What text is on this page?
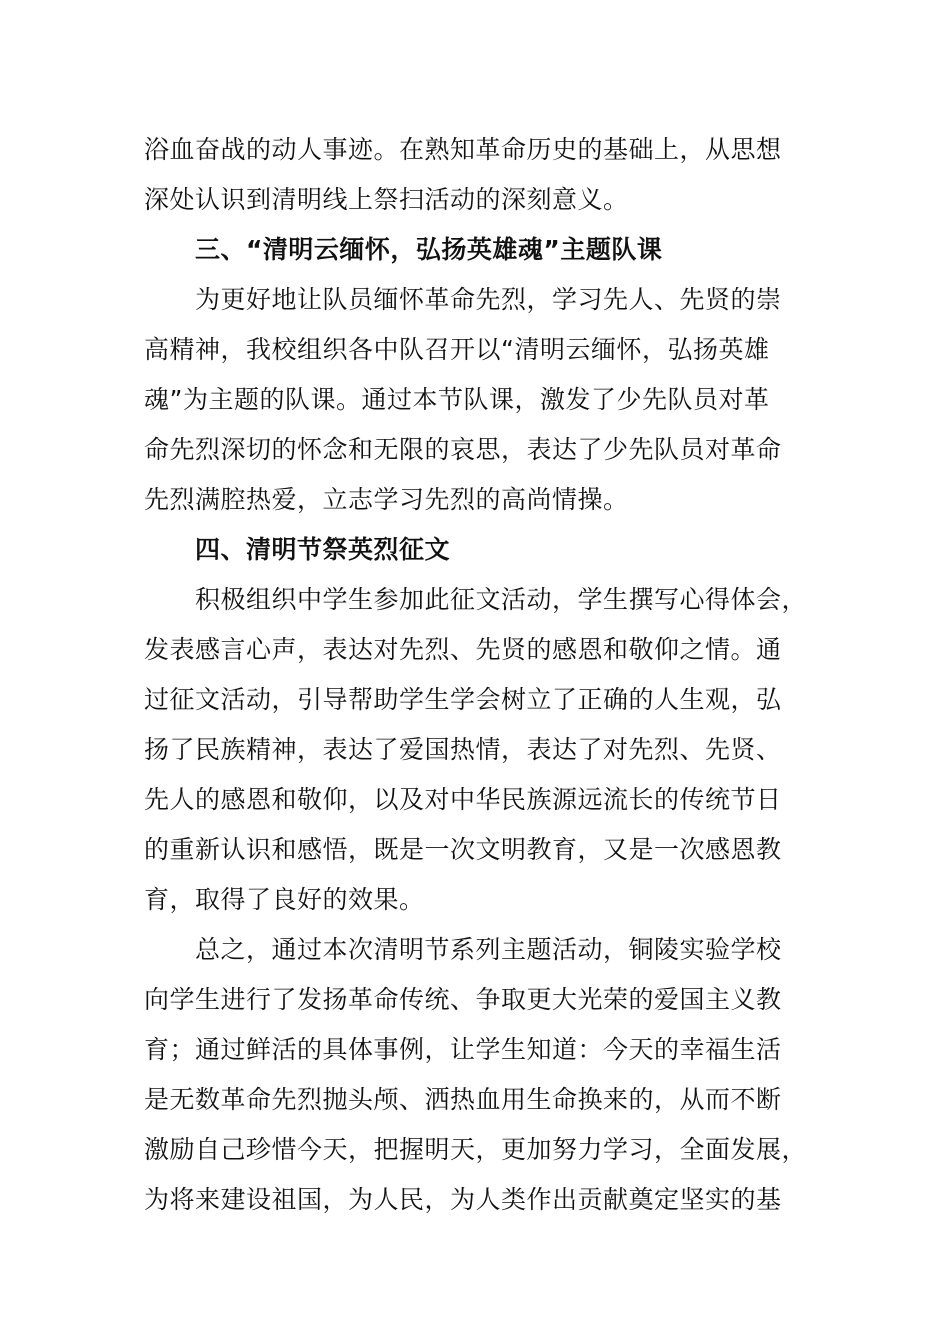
浴血奋战的动人事迹。在熟知革命历史的基础上，从思想
深处认识到清明线上祭扫活动的深刻意义。
三、“清明云缅怀，弘扬英雄魂”主题队课
为更好地让队员缅怀革命先烈，学习先人、先贤的崇
高精神，我校组织各中队召开以“清明云缅怀，弘扬英雄
魂”为主题的队课。通过本节队课，激发了少先队员对革
命先烈深切的怀念和无限的哀思，表达了少先队员对革命
先烈满腔热爱，立志学习先烈的高尚情操。
四、清明节祭英烈征文
积极组织中学生参加此征文活动，学生撰写心得体会，
发表感言心声，表达对先烈、先贤的感恩和敬仰之情。通
过征文活动，引导帮助学生学会树立了正确的人生观，弘
扬了民族精神，表达了爱国热情，表达了对先烈、先贤、
先人的感恩和敬仰，以及对中华民族源远流长的传统节日
的重新认识和感悟，既是一次文明教育，又是一次感恩教
育，取得了良好的效果。
总之，通过本次清明节系列主题活动，铜陵实验学校
向学生进行了发扬革命传统、争取更大光荣的爱国主义教
育；通过鲜活的具体事例，让学生知道：今天的幸福生活
是无数革命先烈抛头颅、洒热血用生命换来的，从而不断
激励自己珍惜今天，把握明天，更加努力学习，全面发展，
为将来建设祖国，为人民，为人类作出贡献奠定坚实的基
